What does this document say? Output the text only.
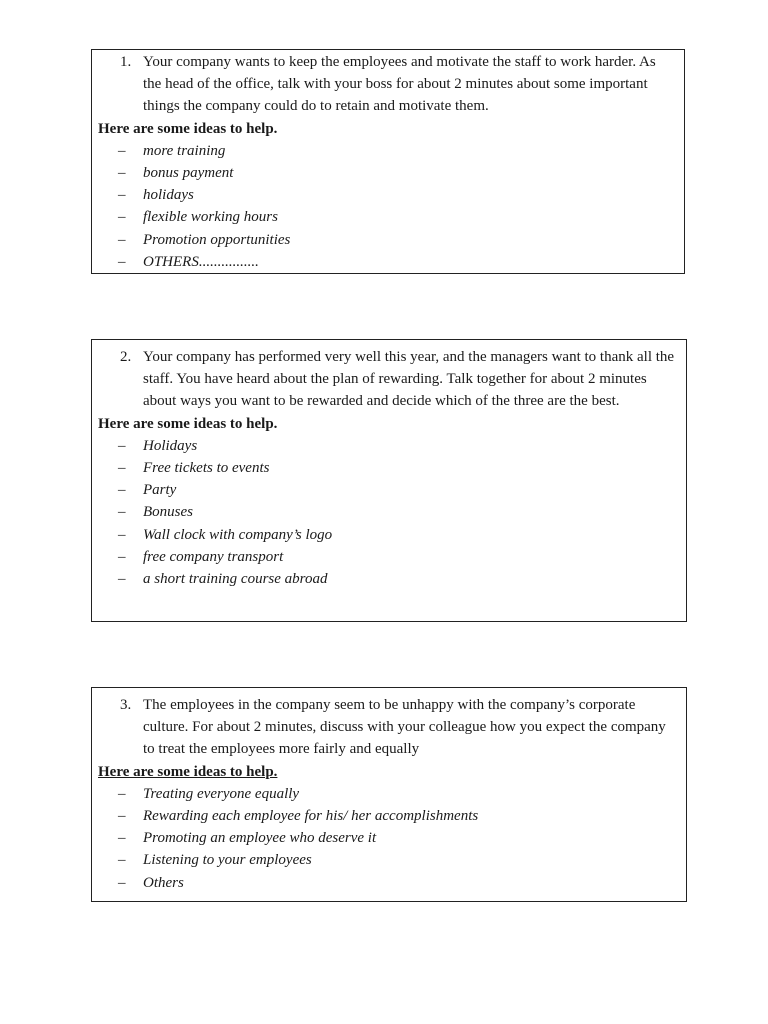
1. Your company wants to keep the employees and motivate the staff to work harder. As the head of the office, talk with your boss for about 2 minutes about some important things the company could do to retain and motivate them.
Here are some ideas to help.
– more training
– bonus payment
– holidays
– flexible working hours
– Promotion opportunities
– OTHERS................
2. Your company has performed very well this year, and the managers want to thank all the staff. You have heard about the plan of rewarding. Talk together for about 2 minutes about ways you want to be rewarded and decide which of the three are the best.
Here are some ideas to help.
– Holidays
– Free tickets to events
– Party
– Bonuses
– Wall clock with company’s logo
– free company transport
– a short training course abroad
3. The employees in the company seem to be unhappy with the company’s corporate culture. For about 2 minutes, discuss with your colleague how you expect the company to treat the employees more fairly and equally
Here are some ideas to help.
– Treating everyone equally
– Rewarding each employee for his/ her accomplishments
– Promoting an employee who deserve it
– Listening to your employees
– Others
